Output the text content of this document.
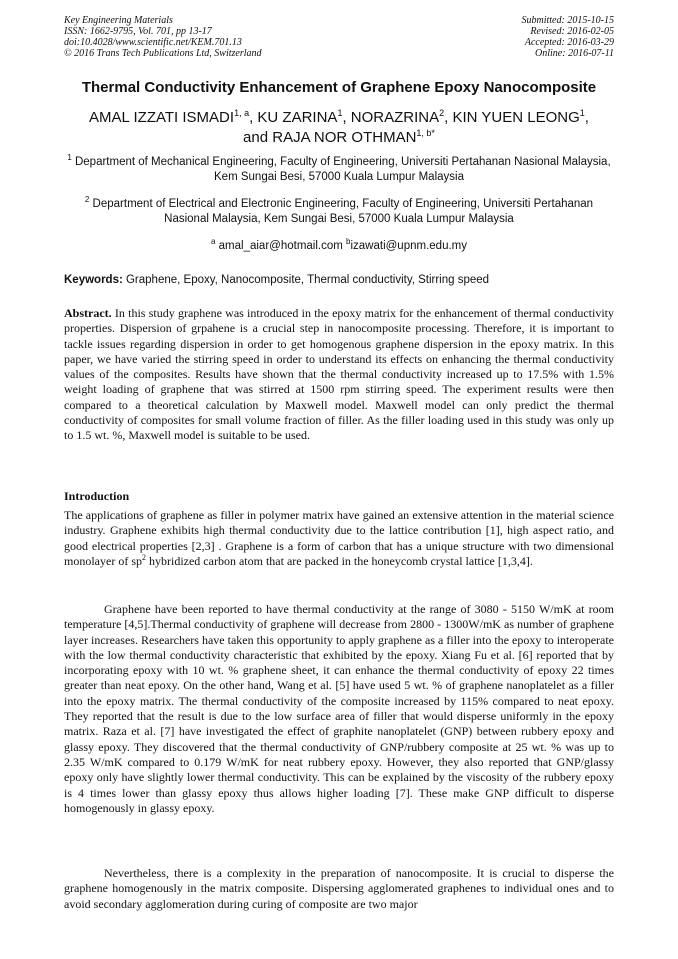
Key Engineering Materials
ISSN: 1662-9795, Vol. 701, pp 13-17
doi:10.4028/www.scientific.net/KEM.701.13
© 2016 Trans Tech Publications Ltd, Switzerland
Submitted: 2015-10-15
Revised: 2016-02-05
Accepted: 2016-03-29
Online: 2016-07-11
Thermal Conductivity Enhancement of Graphene Epoxy Nanocomposite
AMAL IZZATI ISMADI$^{1, a}$, KU ZARINA$^1$, NORAZRINA$^2$, KIN YUEN LEONG$^1$,
and RAJA NOR $OTHMAN^{1, b*}$
$^1$ Department of Mechanical Engineering, Faculty of Engineering, Universiti Pertahanan Nasional Malaysia, Kem Sungai Besi, 57000 Kuala Lumpur Malaysia
$^2$ Department of Electrical and Electronic Engineering, Faculty of Engineering, Universiti Pertahanan Nasional Malaysia, Kem Sungai Besi, 57000 Kuala Lumpur Malaysia
$^a$ amal_aiar@hotmail.com $^b$izawati@upnm.edu.my
Keywords: Graphene, Epoxy, Nanocomposite, Thermal conductivity, Stirring speed
Abstract. In this study graphene was introduced in the epoxy matrix for the enhancement of thermal conductivity properties. Dispersion of grpahene is a crucial step in nanocomposite processing. Therefore, it is important to tackle issues regarding dispersion in order to get homogenous graphene dispersion in the epoxy matrix. In this paper, we have varied the stirring speed in order to understand its effects on enhancing the thermal conductivity values of the composites. Results have shown that the thermal conductivity increased up to 17.5% with 1.5% weight loading of graphene that was stirred at 1500 rpm stirring speed. The experiment results were then compared to a theoretical calculation by Maxwell model. Maxwell model can only predict the thermal conductivity of composites for small volume fraction of filler. As the filler loading used in this study was only up to 1.5 wt. %, Maxwell model is suitable to be used.
Introduction
The applications of graphene as filler in polymer matrix have gained an extensive attention in the material science industry. Graphene exhibits high thermal conductivity due to the lattice contribution [1], high aspect ratio, and good electrical properties [2,3] . Graphene is a form of carbon that has a unique structure with two dimensional monolayer of $sp^2$ hybridized carbon atom that are packed in the honeycomb crystal lattice [1,3,4].
Graphene have been reported to have thermal conductivity at the range of 3080 - 5150 W/mK at room temperature [4,5].Thermal conductivity of graphene will decrease from 2800 - 1300W/mK as number of graphene layer increases. Researchers have taken this opportunity to apply graphene as a filler into the epoxy to interoperate with the low thermal conductivity characteristic that exhibited by the epoxy. Xiang Fu et al. [6] reported that by incorporating epoxy with 10 wt. % graphene sheet, it can enhance the thermal conductivity of epoxy 22 times greater than neat epoxy. On the other hand, Wang et al. [5] have used 5 wt. % of graphene nanoplatelet as a filler into the epoxy matrix. The thermal conductivity of the composite increased by 115% compared to neat epoxy. They reported that the result is due to the low surface area of filler that would disperse uniformly in the epoxy matrix. Raza et al. [7] have investigated the effect of graphite nanoplatelet (GNP) between rubbery epoxy and glassy epoxy. They discovered that the thermal conductivity of GNP/rubbery composite at 25 wt. % was up to 2.35 W/mK compared to 0.179 W/mK for neat rubbery epoxy. However, they also reported that GNP/glassy epoxy only have slightly lower thermal conductivity. This can be explained by the viscosity of the rubbery epoxy is 4 times lower than glassy epoxy thus allows higher loading [7]. These make GNP difficult to disperse homogenously in glassy epoxy.
Nevertheless, there is a complexity in the preparation of nanocomposite. It is crucial to disperse the graphene homogenously in the matrix composite. Dispersing agglomerated graphenes to individual ones and to avoid secondary agglomeration during curing of composite are two major
